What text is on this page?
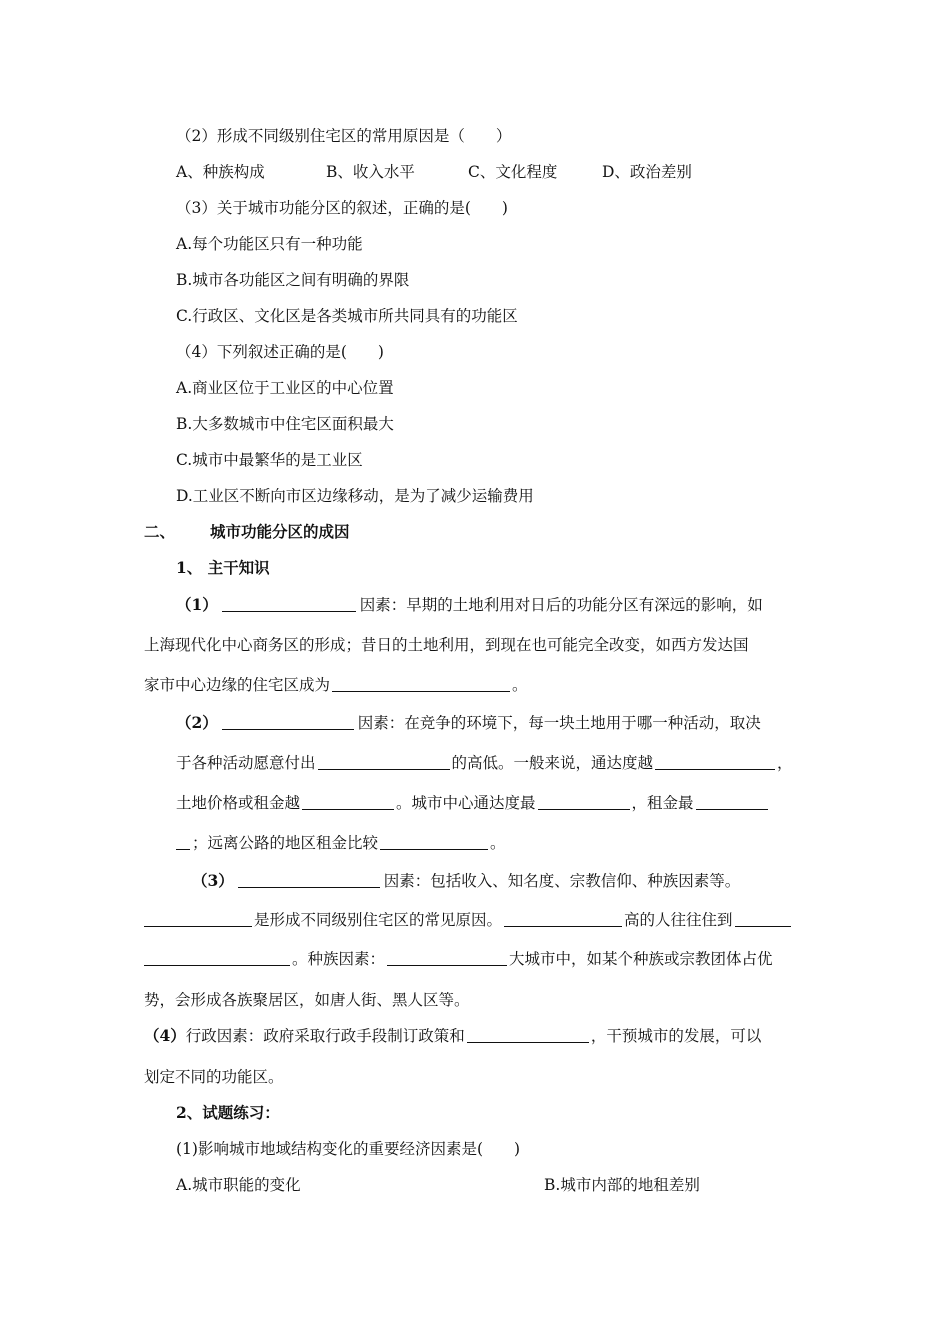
（2）形成不同级别住宅区的常用原因是（　　）
A、种族构成	B、收入水平	C、文化程度	D、政治差别
（3）关于城市功能分区的叙述，正确的是(　　)
A.每个功能区只有一种功能
B.城市各功能区之间有明确的界限
C.行政区、文化区是各类城市所共同具有的功能区
（4）下列叙述正确的是(　　)
A.商业区位于工业区的中心位置
B.大多数城市中住宅区面积最大
C.城市中最繁华的是工业区
D.工业区不断向市区边缘移动，是为了减少运输费用
二、 城市功能分区的成因
1、 主干知识
（1）	因素：早期的土地利用对日后的功能分区有深远的影响，如
上海现代化中心商务区的形成；昔日的土地利用，到现在也可能完全改变，如西方发达国
家市中心边缘的住宅区成为	。
（2）	因素：在竞争的环境下，每一块土地用于哪一种活动，取决
于各种活动愿意付出	的高低。一般来说，通达度越	，
土地价格或租金越	。城市中心通达度最	，租金最
；远离公路的地区租金比较	。
（3）	因素：包括收入、知名度、宗教信仰、种族因素等。
是形成不同级别住宅区的常见原因。	高的人往往住到
。种族因素：	大城市中，如某个种族或宗教团体占优
势，会形成各族聚居区，如唐人街、黑人区等。
（4）行政因素：政府采取行政手段制订政策和	，干预城市的发展，可以
划定不同的功能区。
2、试题练习：
(1)影响城市地域结构变化的重要经济因素是(　　)
A.城市职能的变化	B.城市内部的地租差别
